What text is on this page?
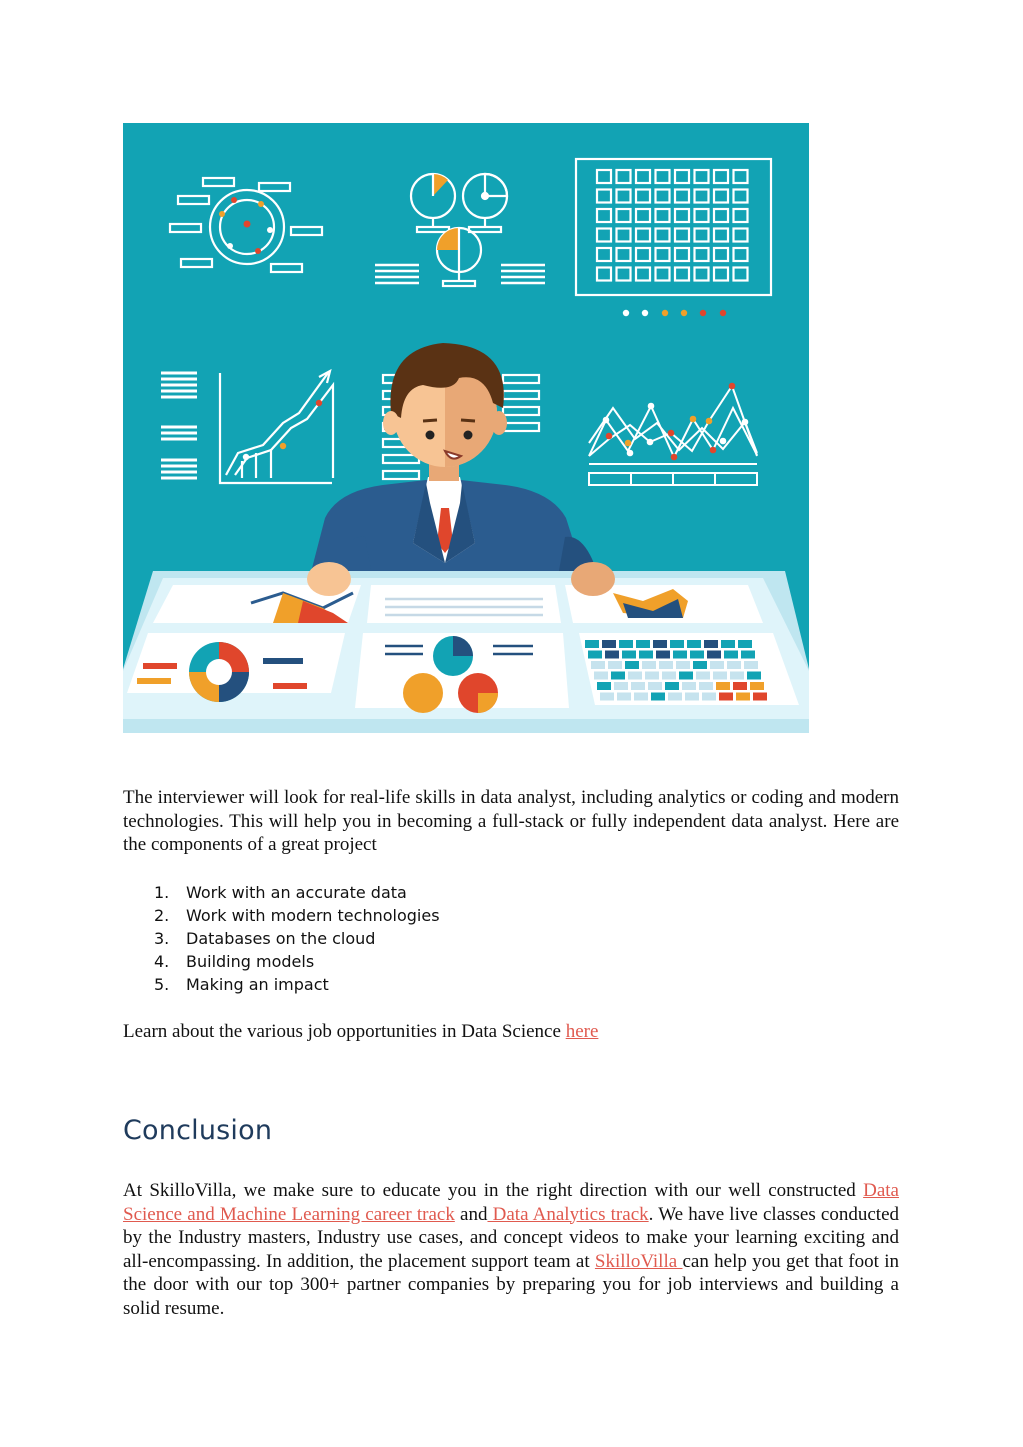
The interviewer will look for real-life skills in data analyst, including analytics or coding and modern technologies. This will help you in becoming a full-stack or fully independent data analyst. Here are the components of a great project

1. Work with an accurate data
2. Work with modern technologies
3. Databases on the cloud
4. Building models
5. Making an impact

Learn about the various job opportunities in Data Science here

Conclusion

At SkilloVilla, we make sure to educate you in the right direction with our well constructed Data Science and Machine Learning career track and Data Analytics track. We have live classes conducted by the Industry masters, Industry use cases, and concept videos to make your learning exciting and all-encompassing. In addition, the placement support team at SkilloVilla can help you get that foot in the door with our top 300+ partner companies by preparing you for job interviews and building a solid resume.
